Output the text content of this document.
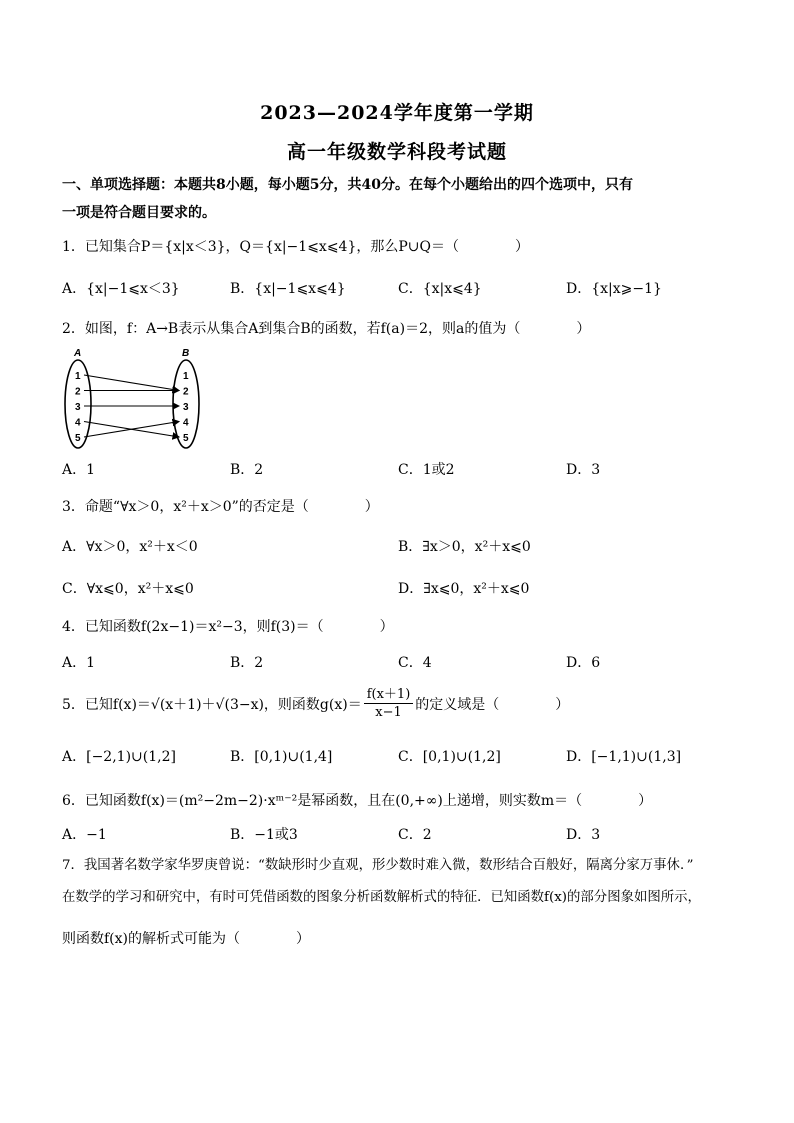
2023—2024学年度第一学期
高一年级数学科段考试题
一、单项选择题：本题共8小题，每小题5分，共40分。在每个小题给出的四个选项中，只有
一项是符合题目要求的。
1．已知集合P＝{x|x＜3}，Q＝{x|−1⩽x⩽4}，那么P∪Q＝（　　　　）
A．{x|−1⩽x＜3}	B．{x|−1⩽x⩽4}	C．{x|x⩽4}	D．{x|x⩾−1}
2．如图，f：A→B表示从集合A到集合B的函数，若f(a)＝2，则a的值为（　　　　）
A	B
1
2
3
4
5
1
2
3
4
5
A．1	B．2	C．1或2	D．3
3．命题“∀x＞0，x²＋x＞0”的否定是（　　　　）
A．∀x＞0，x²＋x＜0	B．∃x＞0，x²＋x⩽0
C．∀x⩽0，x²＋x⩽0	D．∃x⩽0，x²＋x⩽0
4．已知函数f(2x−1)＝x²−3，则f(3)＝（　　　　）
A．1	B．2	C．4	D．6
5．已知f(x)＝√(x＋1)＋√(3−x)，则函数$g(x)= \frac{f(x+1)}{x-1}$ 的定义域是（　　　　）
A．[−2,1)∪(1,2]	B．[0,1)∪(1,4]	C．[0,1)∪(1,2]	D．[−1,1)∪(1,3]
6．已知函数f(x)＝(m²−2m−2)·xᵐ⁻²是幂函数，且在(0,+∞)上递增，则实数m＝（　　　　）
A．−1	B．−1或3	C．2	D．3
7．我国著名数学家华罗庚曾说：“数缺形时少直观，形少数时难入微，数形结合百般好，隔离分家万事休．”
在数学的学习和研究中，有时可凭借函数的图象分析函数解析式的特征．已知函数f(x)的部分图象如图所示，
则函数f(x)的解析式可能为（　　　　）
